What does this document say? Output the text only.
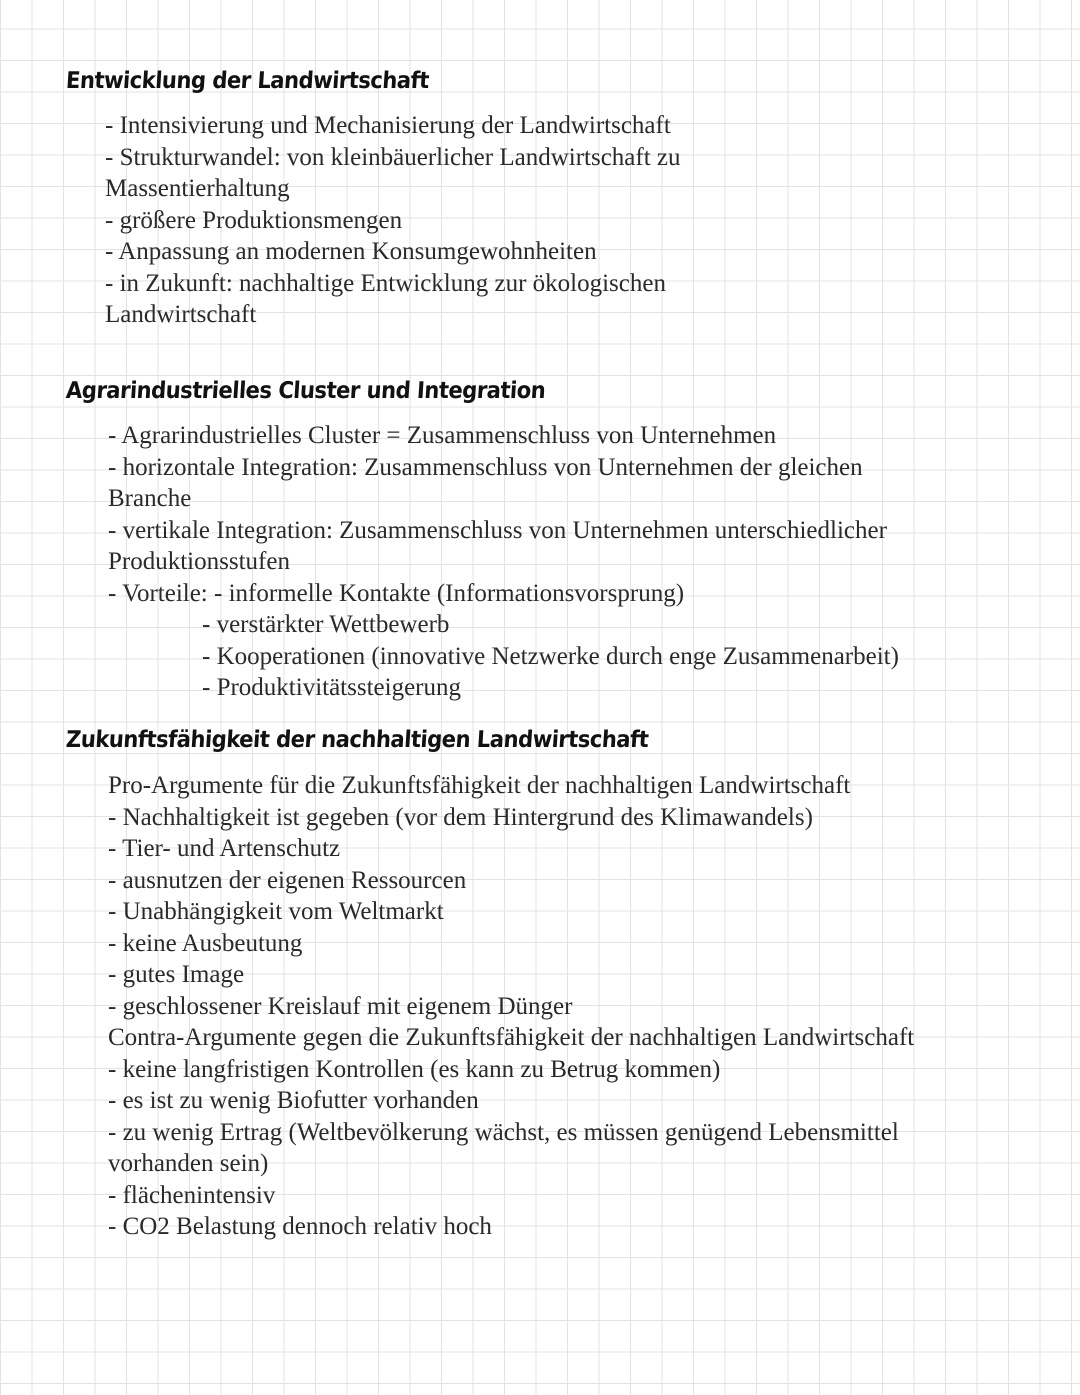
Entwicklung der Landwirtschaft
- Intensivierung und Mechanisierung der Landwirtschaft
- Strukturwandel: von kleinbäuerlicher Landwirtschaft zu
Massentierhaltung
- größere Produktionsmengen
- Anpassung an modernen Konsumgewohnheiten
- in Zukunft: nachhaltige Entwicklung zur ökologischen
Landwirtschaft
Agrarindustrielles Cluster und Integration
- Agrarindustrielles Cluster = Zusammenschluss von Unternehmen
- horizontale Integration: Zusammenschluss von Unternehmen der gleichen
Branche
- vertikale Integration: Zusammenschluss von Unternehmen unterschiedlicher
Produktionsstufen
- Vorteile: - informelle Kontakte (Informationsvorsprung)
- verstärkter Wettbewerb
- Kooperationen (innovative Netzwerke durch enge Zusammenarbeit)
- Produktivitätssteigerung
Zukunftsfähigkeit der nachhaltigen Landwirtschaft
Pro-Argumente für die Zukunftsfähigkeit der nachhaltigen Landwirtschaft
- Nachhaltigkeit ist gegeben (vor dem Hintergrund des Klimawandels)
- Tier- und Artenschutz
- ausnutzen der eigenen Ressourcen
- Unabhängigkeit vom Weltmarkt
- keine Ausbeutung
- gutes Image
- geschlossener Kreislauf mit eigenem Dünger
Contra-Argumente gegen die Zukunftsfähigkeit der nachhaltigen Landwirtschaft
- keine langfristigen Kontrollen (es kann zu Betrug kommen)
- es ist zu wenig Biofutter vorhanden
- zu wenig Ertrag (Weltbevölkerung wächst, es müssen genügend Lebensmittel
vorhanden sein)
- flächenintensiv
- CO2 Belastung dennoch relativ hoch
